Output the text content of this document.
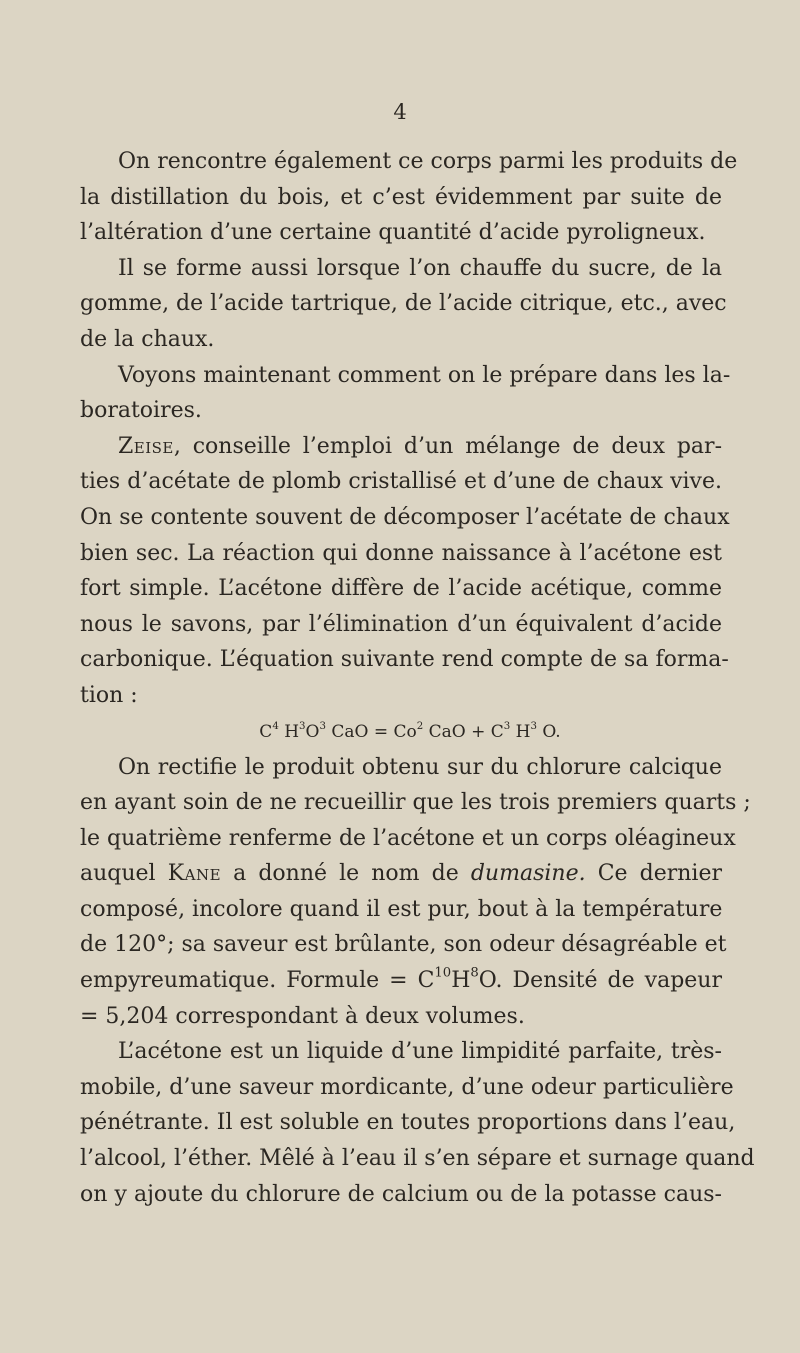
4
On rencontre également ce corps parmi les produits de
la distillation du bois, et c’est évidemment par suite de
l’altération d’une certaine quantité d’acide pyroligneux.
Il se forme aussi lorsque l’on chauffe du sucre, de la
gomme, de l’acide tartrique, de l’acide citrique, etc., avec
de la chaux.
Voyons maintenant comment on le prépare dans les la-
boratoires.
Zeise, conseille l’emploi d’un mélange de deux par-
ties d’acétate de plomb cristallisé et d’une de chaux vive.
On se contente souvent de décomposer l’acétate de chaux
bien sec. La réaction qui donne naissance à l’acétone est
fort simple. L’acétone diffère de l’acide acétique, comme
nous le savons, par l’élimination d’un équivalent d’acide
carbonique. L’équation suivante rend compte de sa forma-
tion :
$C^4$ $H^3O^3$ CaO = $Co^2$ CaO + $C^3$ $H^3$ O.
On rectifie le produit obtenu sur du chlorure calcique
en ayant soin de ne recueillir que les trois premiers quarts ;
le quatrième renferme de l’acétone et un corps oléagineux
auquel Kane a donné le nom de dumasine. Ce dernier
composé, incolore quand il est pur, bout à la température
de 120°; sa saveur est brûlante, son odeur désagréable et
empyreumatique. Formule = $C^{10}H^8O$. Densité de vapeur
= 5,204 correspondant à deux volumes.
L’acétone est un liquide d’une limpidité parfaite, très-
mobile, d’une saveur mordicante, d’une odeur particulière
pénétrante. Il est soluble en toutes proportions dans l’eau,
l’alcool, l’éther. Mêlé à l’eau il s’en sépare et surnage quand
on y ajoute du chlorure de calcium ou de la potasse caus-
